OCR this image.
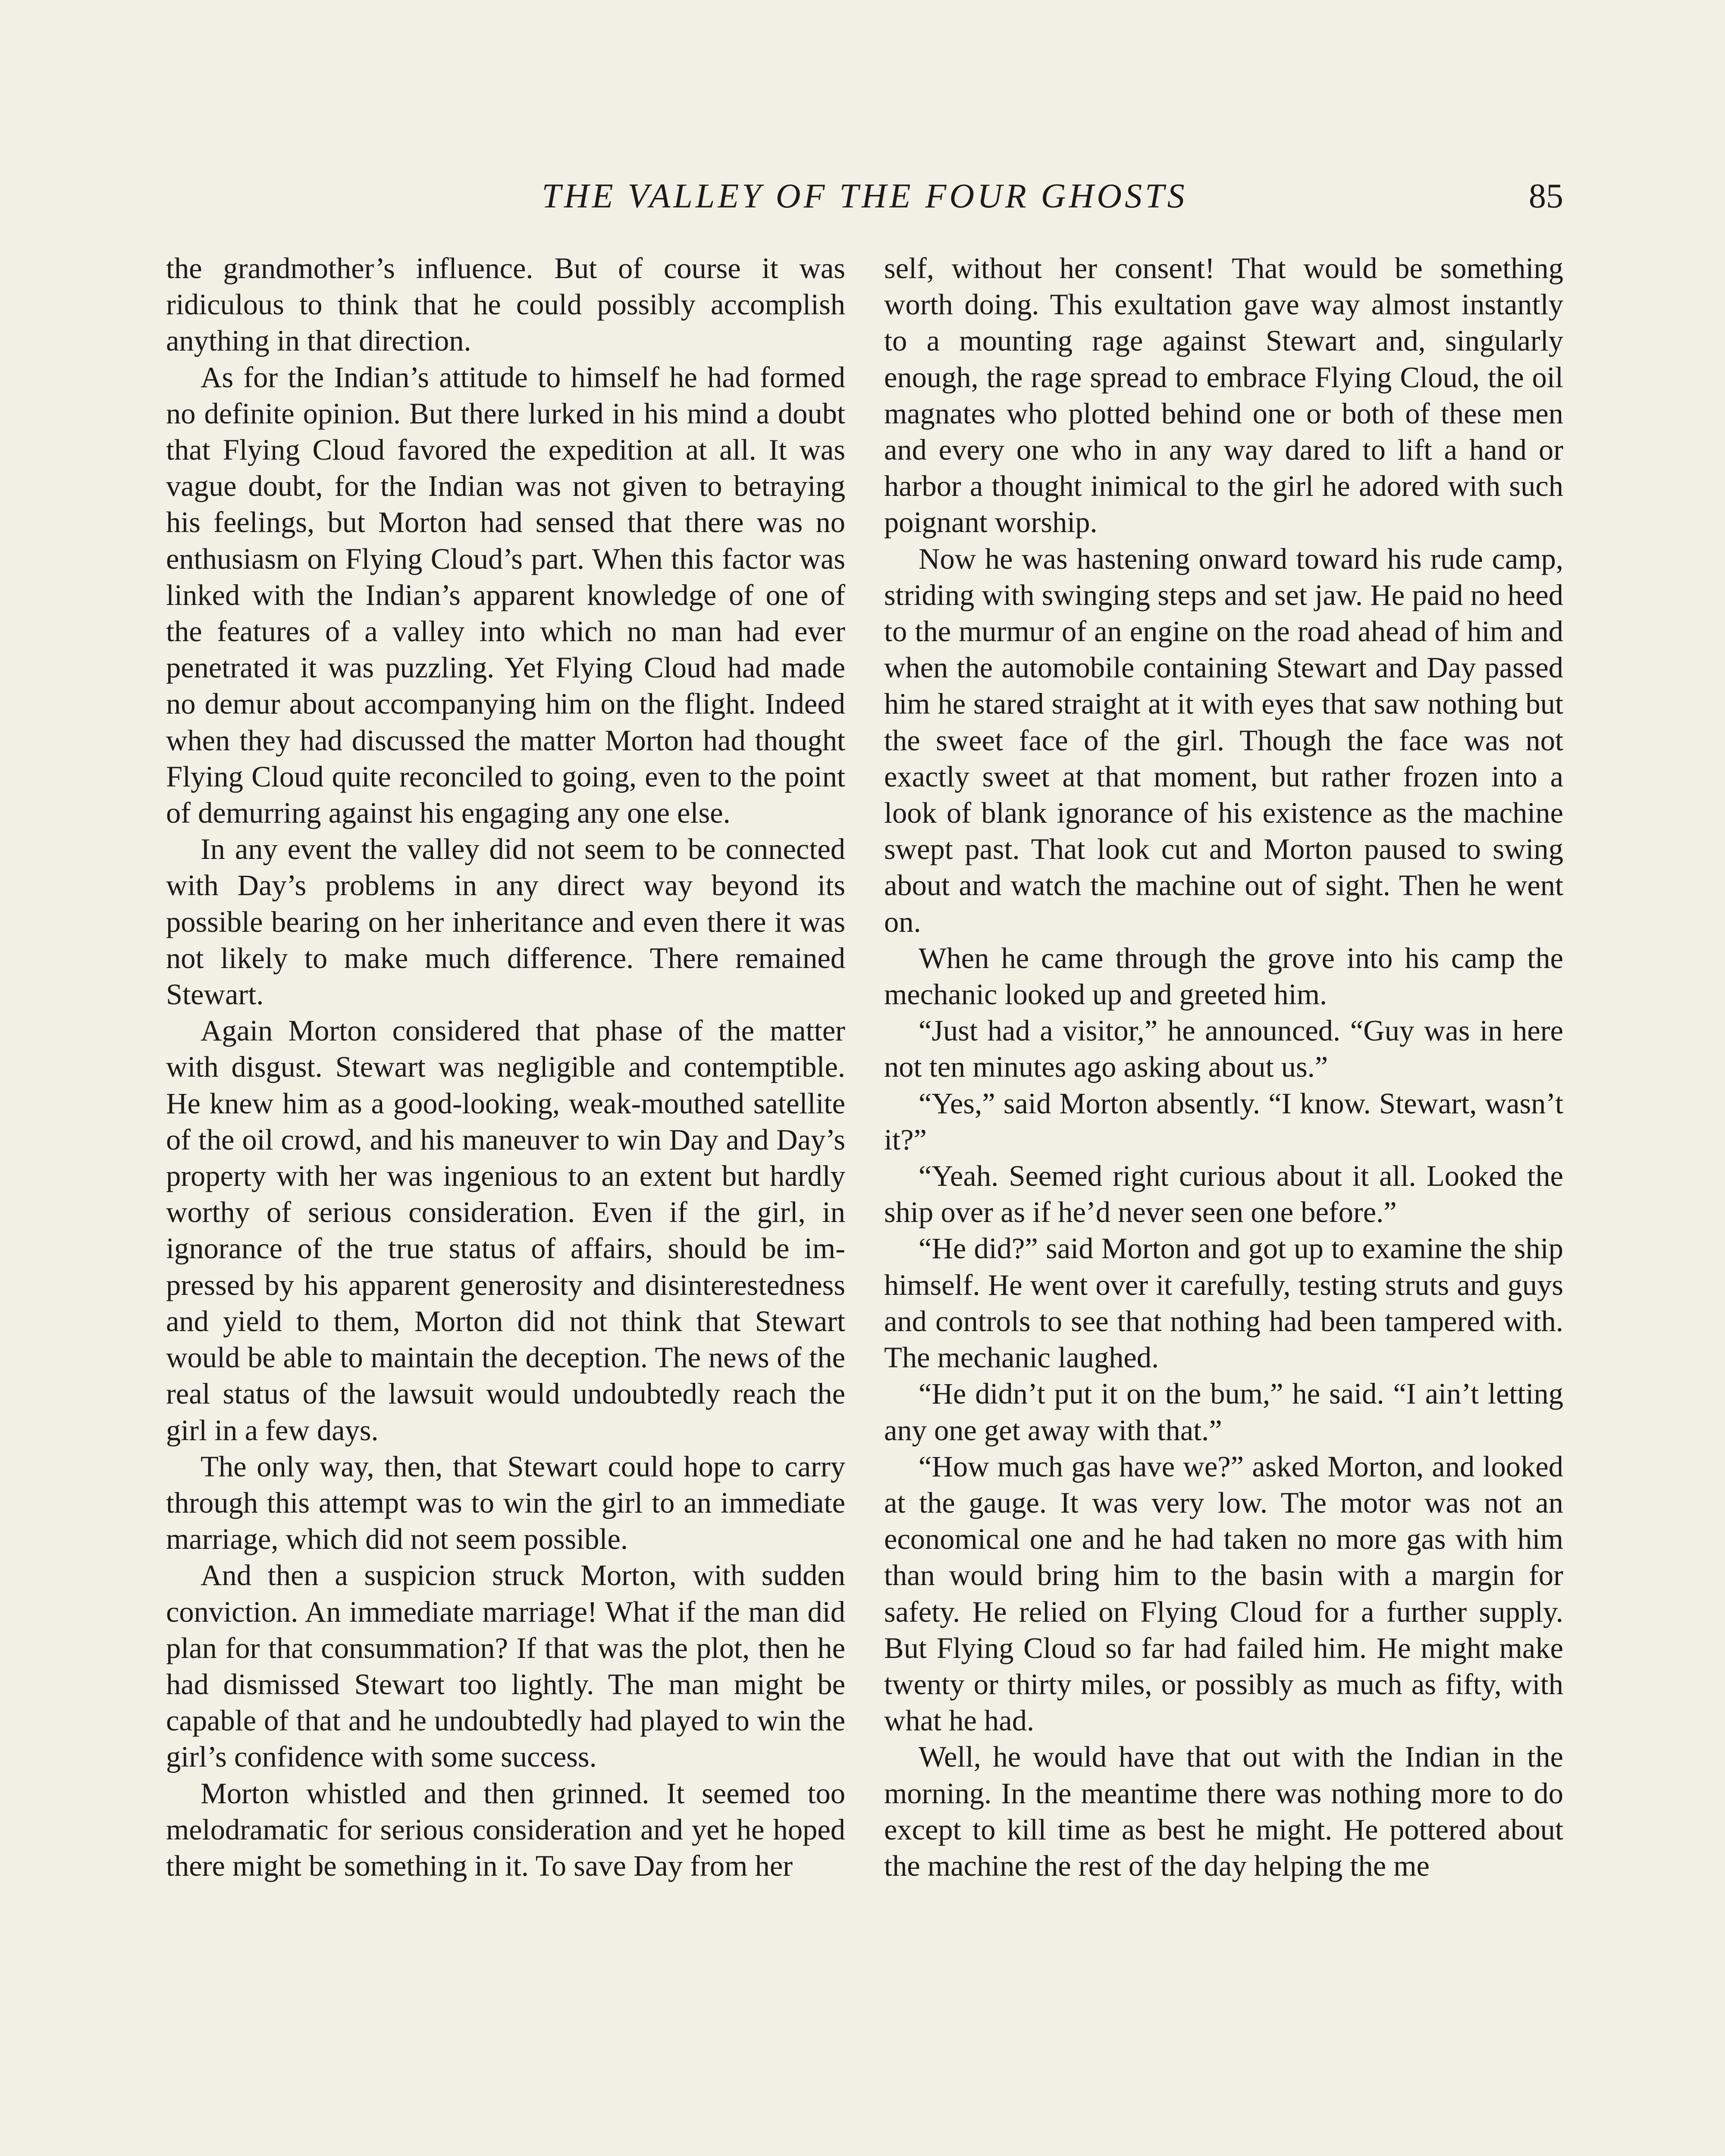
THE VALLEY OF THE FOUR GHOSTS	85

the grandmother’s influence. But of course it was ridiculous to think that he could possibly accomplish anything in that direction.

As for the Indian’s attitude to himself he had formed no definite opinion. But there lurked in his mind a doubt that Flying Cloud favored the expedition at all. It was vague doubt, for the Indian was not given to betraying his feelings, but Morton had sensed that there was no enthusiasm on Flying Cloud’s part. When this factor was linked with the Indian’s apparent knowledge of one of the features of a valley into which no man had ever penetrated it was puzzling. Yet Flying Cloud had made no demur about accompanying him on the flight. Indeed when they had discussed the matter Morton had thought Flying Cloud quite reconciled to going, even to the point of demurring against his engaging any one else.

In any event the valley did not seem to be connected with Day’s problems in any direct way beyond its possible bearing on her inheritance and even there it was not likely to make much difference. There remained Stewart.

Again Morton considered that phase of the matter with disgust. Stewart was negligible and contemptible. He knew him as a good-looking, weak-mouthed satellite of the oil crowd, and his maneuver to win Day and Day’s property with her was ingenious to an extent but hardly worthy of serious consideration. Even if the girl, in ignorance of the true status of affairs, should be impressed by his apparent generosity and disinterestedness and yield to them, Morton did not think that Stewart would be able to maintain the deception. The news of the real status of the lawsuit would undoubtedly reach the girl in a few days.

The only way, then, that Stewart could hope to carry through this attempt was to win the girl to an immediate marriage, which did not seem possible.

And then a suspicion struck Morton, with sudden conviction. An immediate marriage! What if the man did plan for that consummation? If that was the plot, then he had dismissed Stewart too lightly. The man might be capable of that and he undoubtedly had played to win the girl’s confidence with some success.

Morton whistled and then grinned. It seemed too melodramatic for serious consideration and yet he hoped there might be something in it. To save Day from her

self, without her consent! That would be something worth doing. This exultation gave way almost instantly to a mounting rage against Stewart and, singularly enough, the rage spread to embrace Flying Cloud, the oil magnates who plotted behind one or both of these men and every one who in any way dared to lift a hand or harbor a thought inimical to the girl he adored with such poignant worship.

Now he was hastening onward toward his rude camp, striding with swinging steps and set jaw. He paid no heed to the murmur of an engine on the road ahead of him and when the automobile containing Stewart and Day passed him he stared straight at it with eyes that saw nothing but the sweet face of the girl. Though the face was not exactly sweet at that moment, but rather frozen into a look of blank ignorance of his existence as the machine swept past. That look cut and Morton paused to swing about and watch the machine out of sight. Then he went on.

When he came through the grove into his camp the mechanic looked up and greeted him.

“Just had a visitor,” he announced. “Guy was in here not ten minutes ago asking about us.”

“Yes,” said Morton absently. “I know. Stewart, wasn’t it?”

“Yeah. Seemed right curious about it all. Looked the ship over as if he’d never seen one before.”

“He did?” said Morton and got up to examine the ship himself. He went over it carefully, testing struts and guys and controls to see that nothing had been tampered with. The mechanic laughed.

“He didn’t put it on the bum,” he said. “I ain’t letting any one get away with that.”

“How much gas have we?” asked Morton, and looked at the gauge. It was very low. The motor was not an economical one and he had taken no more gas with him than would bring him to the basin with a margin for safety. He relied on Flying Cloud for a further supply. But Flying Cloud so far had failed him. He might make twenty or thirty miles, or possibly as much as fifty, with what he had.

Well, he would have that out with the Indian in the morning. In the meantime there was nothing more to do except to kill time as best he might. He pottered about the machine the rest of the day helping the me
